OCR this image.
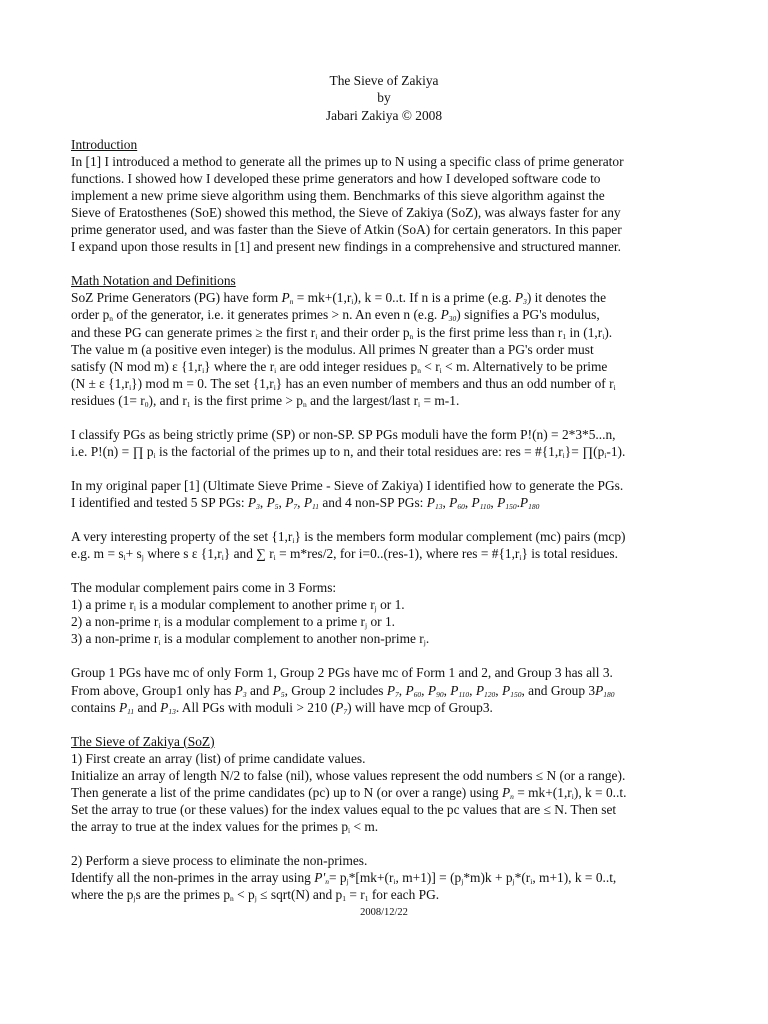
The Sieve of Zakiya
by
Jabari Zakiya © 2008
Introduction
In [1] I introduced a method to generate all the primes up to N using a specific class of prime generator
functions. I showed how I developed these prime generators and how I developed software code to
implement a new prime sieve algorithm using them. Benchmarks of this sieve algorithm against the
Sieve of Eratosthenes (SoE) showed this method, the Sieve of Zakiya (SoZ), was always faster for any
prime generator used, and was faster than the Sieve of Atkin (SoA) for certain generators. In this paper
I expand upon those results in [1] and present new findings in a comprehensive and structured manner.
Math Notation and Definitions
SoZ Prime Generators (PG) have form $P_n = mk+(1,r_i)$, k = 0..t. If n is a prime (e.g. $P_3$) it denotes the
order $p_n$ of the generator, i.e. it generates primes > n. An even n (e.g. $P_{30}$) signifies a PG's modulus,
and these PG can generate primes ≥ the first $r_i$ and their order $p_n$ is the first prime less than $r_1$ in $(1,r_i)$.
The value m (a positive even integer) is the modulus. All primes N greater than a PG's order must
satisfy (N mod m) ε $\{1,r_i\}$ where the $r_i$ are odd integer residues $p_n < r_i < m$. Alternatively to be prime
(N ± ε $\{1,r_i\}$) mod m = 0. The set $\{1,r_i\}$ has an even number of members and thus an odd number of $r_i$
residues $(1= r_0)$, and $r_1$ is the first prime > $p_n$ and the largest/last $r_i = m-1$.
I classify PGs as being strictly prime (SP) or non-SP. SP PGs moduli have the form P!(n) = 2*3*5...n,
i.e. P!(n) = ∏ $p_i$ is the factorial of the primes up to n, and their total residues are: res = $\#\{1,r_i\}=$ $\prod(p_i-1)$.
In my original paper [1] (Ultimate Sieve Prime - Sieve of Zakiya) I identified how to generate the PGs.
I identified and tested 5 SP PGs: $P_3$, $P_5$, $P_7$, $P_{11}$ and 4 non-SP PGs: $P_{13}$, $P_{60}$, $P_{110}$, $P_{150}.P_{180}$
A very interesting property of the set $\{1,r_i\}$ is the members form modular complement (mc) pairs (mcp)
e.g. $m = s_i+ s_j$ where s ε $\{1,r_i\}$ and ∑ $r_i = m*res/2$, for i=0..(res-1), where res = $\#\{1,r_i\}$ is total residues.
The modular complement pairs come in 3 Forms:
1) a prime $r_i$ is a modular complement to another prime $r_j$ or 1.
2) a non-prime $r_i$ is a modular complement to a prime $r_j$ or 1.
3) a non-prime $r_i$ is a modular complement to another non-prime $r_j$.
Group 1 PGs have mc of only Form 1, Group 2 PGs have mc of Form 1 and 2, and Group 3 has all 3.
From above, Group1 only has $P_3$ and $P_5$, Group 2 includes $P_7$, $P_{60}$, $P_{90}$, $P_{110}$, $P_{120}$, $P_{150}$, and Group $3P_{180}$
contains $P_{11}$ and $P_{13}$. All PGs with moduli > 210 $(P_7)$ will have mcp of Group3.
The Sieve of Zakiya (SoZ)
1) First create an array (list) of prime candidate values.
Initialize an array of length N/2 to false (nil), whose values represent the odd numbers ≤ N (or a range).
Then generate a list of the prime candidates (pc) up to N (or over a range) using $P_n = mk+(1,r_i)$, k = 0..t.
Set the array to true (or these values) for the index values equal to the pc values that are ≤ N. Then set
the array to true at the index values for the primes $p_i < m$.
2) Perform a sieve process to eliminate the non-primes.
Identify all the non-primes in the array using $P'_n= p_j*[mk+(r_i$, $m+1)] = (p_j*m)k + p_j*(r_i$, m+1), k = 0..t,
where the $p_js$ are the primes $p_n < p_j$ ≤ sqrt(N) and $p_1 = r_1$ for each PG.
2008/12/22
